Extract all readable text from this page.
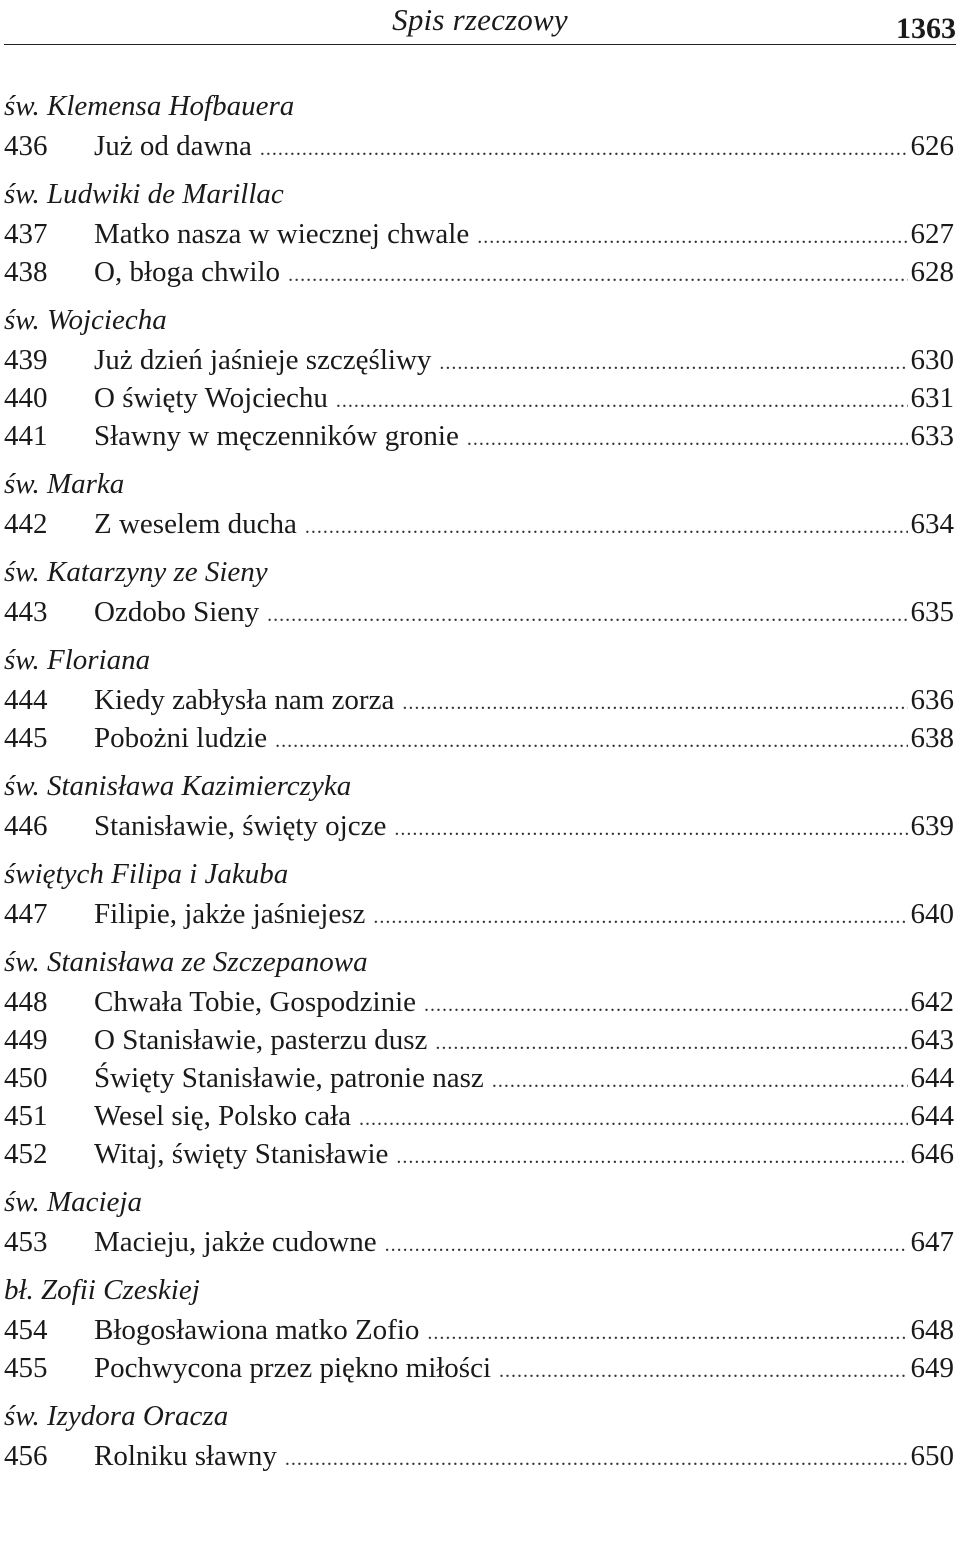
Spis rzeczowy	1363
św. Klemensa Hofbauera
436	Już od dawna .....	626
św. Ludwiki de Marillac
437	Matko nasza w wiecznej chwale .....	627
438	O, błoga chwilo .....	628
św. Wojciecha
439	Już dzień jaśnieje szczęśliwy .....	630
440	O święty Wojciechu .....	631
441	Sławny w męczenników gronie .....	633
św. Marka
442	Z weselem ducha .....	634
św. Katarzyny ze Sieny
443	Ozdobo Sieny .....	635
św. Floriana
444	Kiedy zabłysła nam zorza .....	636
445	Pobożni ludzie .....	638
św. Stanisława Kazimierczyka
446	Stanisławie, święty ojcze .....	639
świętych Filipa i Jakuba
447	Filipie, jakże jaśniejesz .....	640
św. Stanisława ze Szczepanowa
448	Chwała Tobie, Gospodzinie .....	642
449	O Stanisławie, pasterzu dusz .....	643
450	Święty Stanisławie, patronie nasz .....	644
451	Wesel się, Polsko cała .....	644
452	Witaj, święty Stanisławie .....	646
św. Macieja
453	Macieju, jakże cudowne .....	647
bł. Zofii Czeskiej
454	Błogosławiona matko Zofio .....	648
455	Pochwycona przez piękno miłości .....	649
św. Izydora Oracza
456	Rolniku sławny .....	650
